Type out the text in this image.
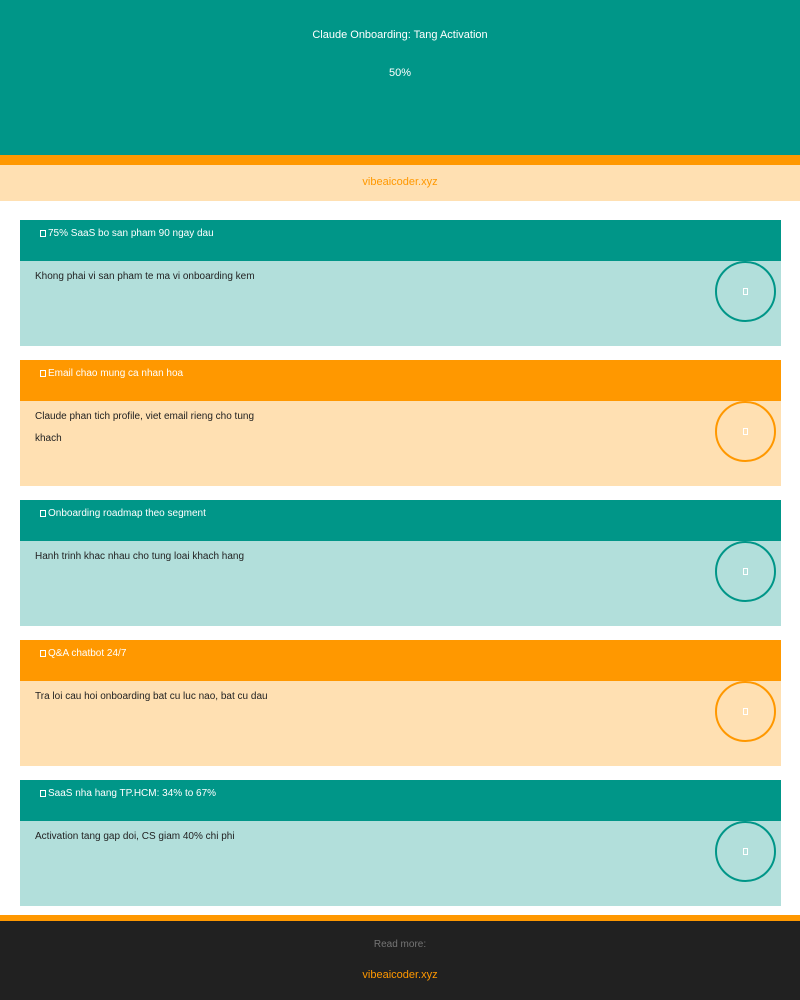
Claude Onboarding: Tang Activation
50%
vibeaicoder.xyz
75% SaaS bo san pham 90 ngay dau
Khong phai vi san pham te ma vi onboarding kem
Email chao mung ca nhan hoa
Claude phan tich profile, viet email rieng cho tung khach
Onboarding roadmap theo segment
Hanh trinh khac nhau cho tung loai khach hang
Q&A chatbot 24/7
Tra loi cau hoi onboarding bat cu luc nao, bat cu dau
SaaS nha hang TP.HCM: 34% to 67%
Activation tang gap doi, CS giam 40% chi phi
Read more:
vibeaicoder.xyz
